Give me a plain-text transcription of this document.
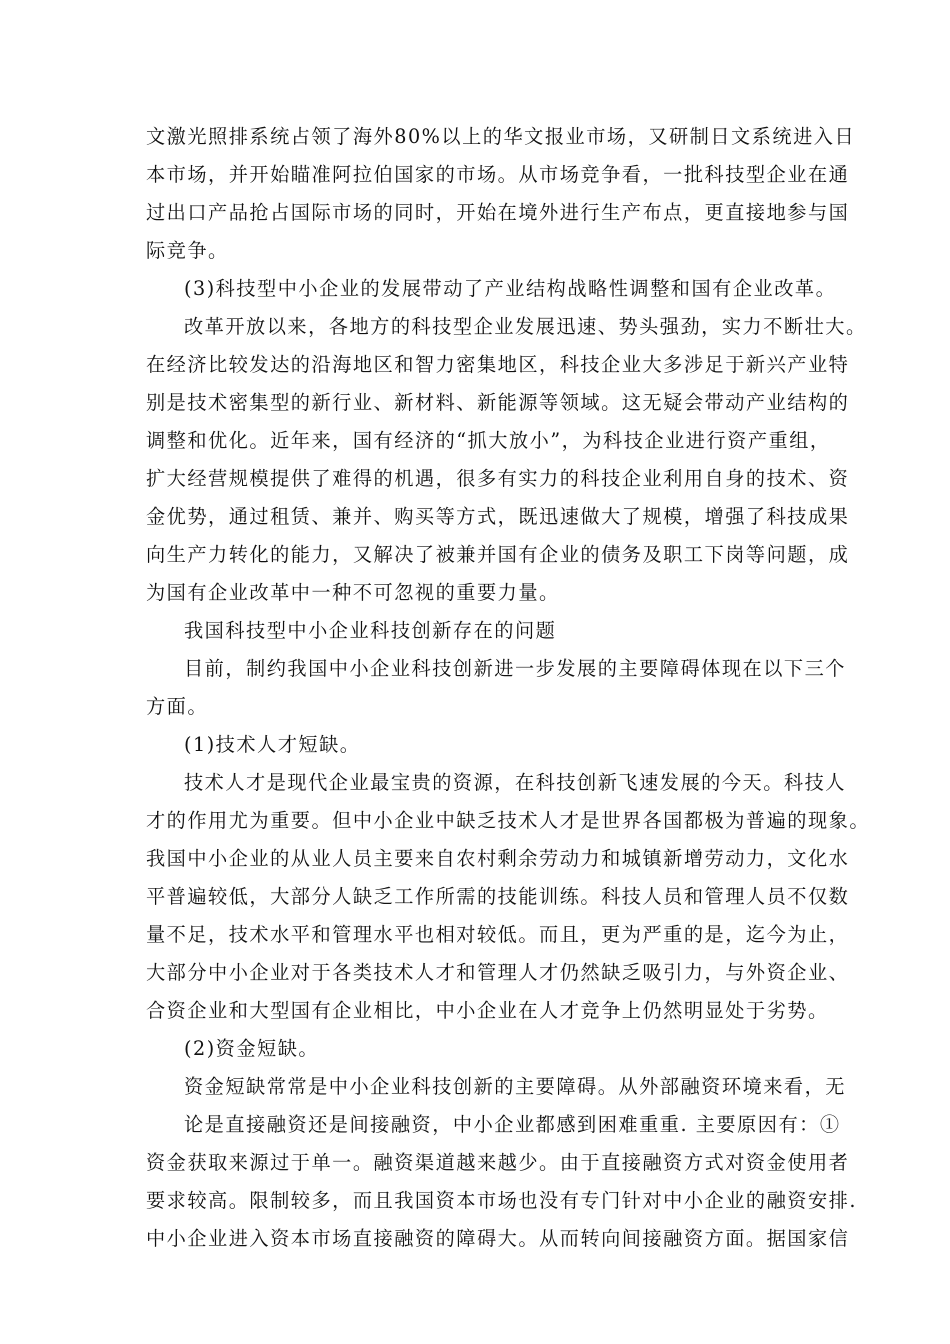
文激光照排系统占领了海外80%以上的华文报业市场，又研制日文系统进入日
本市场，并开始瞄准阿拉伯国家的市场。从市场竞争看，一批科技型企业在通
过出口产品抢占国际市场的同时，开始在境外进行生产布点，更直接地参与国
际竞争。
(3)科技型中小企业的发展带动了产业结构战略性调整和国有企业改革。
改革开放以来，各地方的科技型企业发展迅速、势头强劲，实力不断壮大。
在经济比较发达的沿海地区和智力密集地区，科技企业大多涉足于新兴产业特
别是技术密集型的新行业、新材料、新能源等领域。这无疑会带动产业结构的
调整和优化。近年来，国有经济的“抓大放小”，为科技企业进行资产重组，
扩大经营规模提供了难得的机遇，很多有实力的科技企业利用自身的技术、资
金优势，通过租赁、兼并、购买等方式，既迅速做大了规模，增强了科技成果
向生产力转化的能力，又解决了被兼并国有企业的债务及职工下岗等问题，成
为国有企业改革中一种不可忽视的重要力量。
我国科技型中小企业科技创新存在的问题
目前，制约我国中小企业科技创新进一步发展的主要障碍体现在以下三个
方面。
(1)技术人才短缺。
技术人才是现代企业最宝贵的资源，在科技创新飞速发展的今天。科技人
才的作用尤为重要。但中小企业中缺乏技术人才是世界各国都极为普遍的现象。
我国中小企业的从业人员主要来自农村剩余劳动力和城镇新增劳动力，文化水
平普遍较低，大部分人缺乏工作所需的技能训练。科技人员和管理人员不仅数
量不足，技术水平和管理水平也相对较低。而且，更为严重的是，迄今为止，
大部分中小企业对于各类技术人才和管理人才仍然缺乏吸引力，与外资企业、
合资企业和大型国有企业相比，中小企业在人才竞争上仍然明显处于劣势。
(2)资金短缺。
资金短缺常常是中小企业科技创新的主要障碍。从外部融资环境来看，无
论是直接融资还是间接融资，中小企业都感到困难重重. 主要原因有：①
资金获取来源过于单一。融资渠道越来越少。由于直接融资方式对资金使用者
要求较高。限制较多，而且我国资本市场也没有专门针对中小企业的融资安排.
中小企业进入资本市场直接融资的障碍大。从而转向间接融资方面。据国家信
